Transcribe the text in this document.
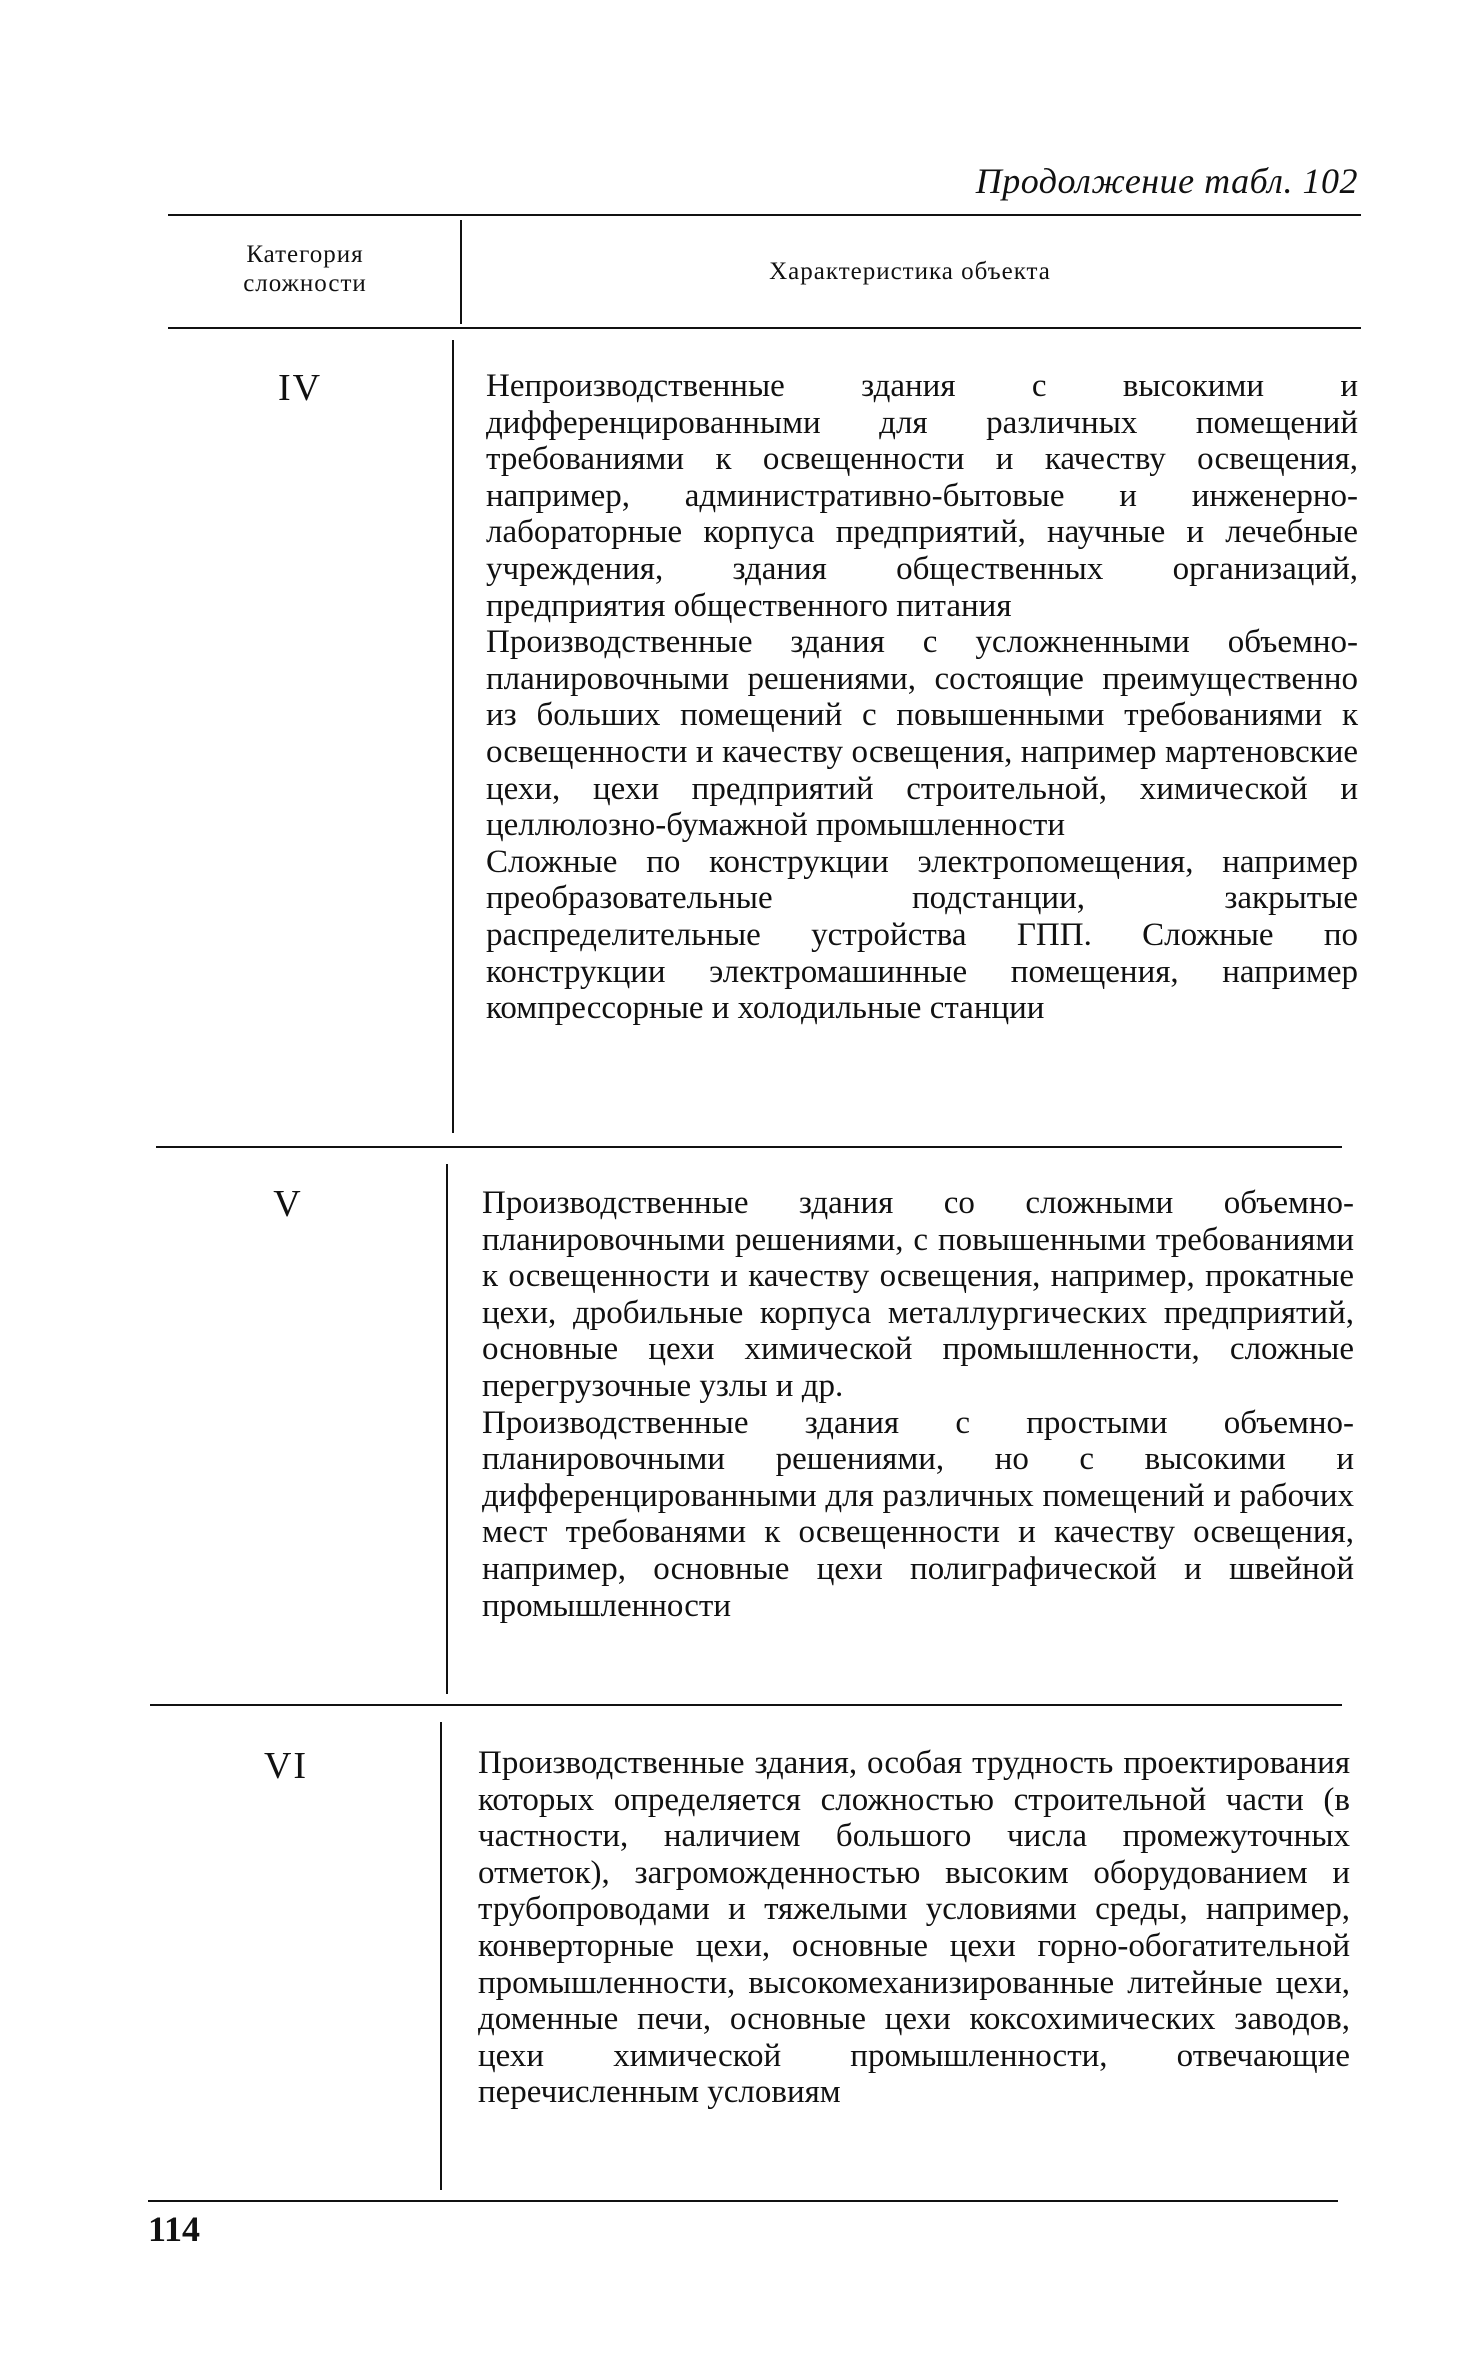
Продолжение табл. 102
Категория сложности	Характеристика объекта
IV	Непроизводственные здания с высокими и дифференцированными для различных помещений требованиями к освещенности и качеству освещения, например, административно-бытовые и инженерно-лабораторные корпуса предприятий, научные и лечебные учреждения, здания общественных организаций, предприятия общественного питания

Производственные здания с усложненными объемно-планировочными решениями, состоящие преимущественно из больших помещений с повышенными требованиями к освещенности и качеству освещения, например мартеновские цехи, цехи предприятий строительной, химической и целлюлозно-бумажной промышленности

Сложные по конструкции электропомещения, например преобразовательные подстанции, закрытые распределительные устройства ГПП. Сложные по конструкции электромашинные помещения, например компрессорные и холодильные станции

V	Производственные здания со сложными объемно-планировочными решениями, с повышенными требованиями к освещенности и качеству освещения, например, прокатные цехи, дробильные корпуса металлургических предприятий, основные цехи химической промышленности, сложные перегрузочные узлы и др.

Производственные здания с простыми объемно-планировочными решениями, но с высокими и дифференцированными для различных помещений и рабочих мест требованями к освещенности и качеству освещения, например, основные цехи полиграфической и швейной промышленности

VI	Производственные здания, особая трудность проектирования которых определяется сложностью строительной части (в частности, наличием большого числа промежуточных отметок), загроможденностью высоким оборудованием и трубопроводами и тяжелыми условиями среды, например, конверторные цехи, основные цехи горно-обогатительной промышленности, высокомеханизированные литейные цехи, доменные печи, основные цехи коксохимических заводов, цехи химической промышленности, отвечающие перечисленным условиям

114
